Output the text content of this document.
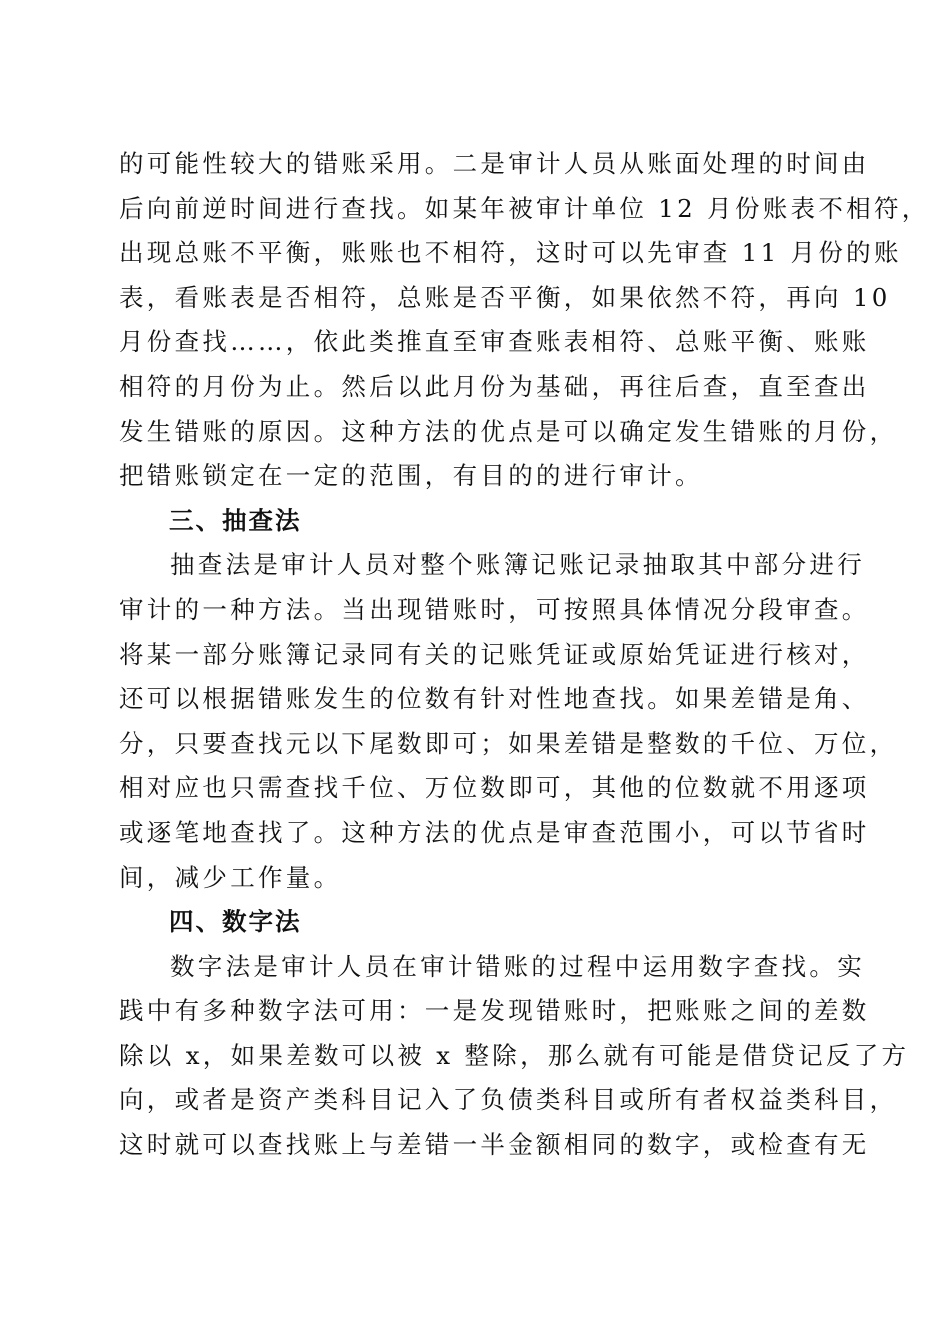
的可能性较大的错账采用。二是审计人员从账面处理的时间由
后向前逆时间进行查找。如某年被审计单位 12 月份账表不相符，
出现总账不平衡，账账也不相符，这时可以先审查 11 月份的账
表，看账表是否相符，总账是否平衡，如果依然不符，再向 10
月份查找……，依此类推直至审查账表相符、总账平衡、账账
相符的月份为止。然后以此月份为基础，再往后查，直至查出
发生错账的原因。这种方法的优点是可以确定发生错账的月份，
把错账锁定在一定的范围，有目的的进行审计。
三、抽查法
抽查法是审计人员对整个账簿记账记录抽取其中部分进行
审计的一种方法。当出现错账时，可按照具体情况分段审查。
将某一部分账簿记录同有关的记账凭证或原始凭证进行核对，
还可以根据错账发生的位数有针对性地查找。如果差错是角、
分，只要查找元以下尾数即可；如果差错是整数的千位、万位，
相对应也只需查找千位、万位数即可，其他的位数就不用逐项
或逐笔地查找了。这种方法的优点是审查范围小，可以节省时
间，减少工作量。
四、数字法
数字法是审计人员在审计错账的过程中运用数字查找。实
践中有多种数字法可用：一是发现错账时，把账账之间的差数
除以 x，如果差数可以被 x 整除，那么就有可能是借贷记反了方
向，或者是资产类科目记入了负债类科目或所有者权益类科目，
这时就可以查找账上与差错一半金额相同的数字，或检查有无
